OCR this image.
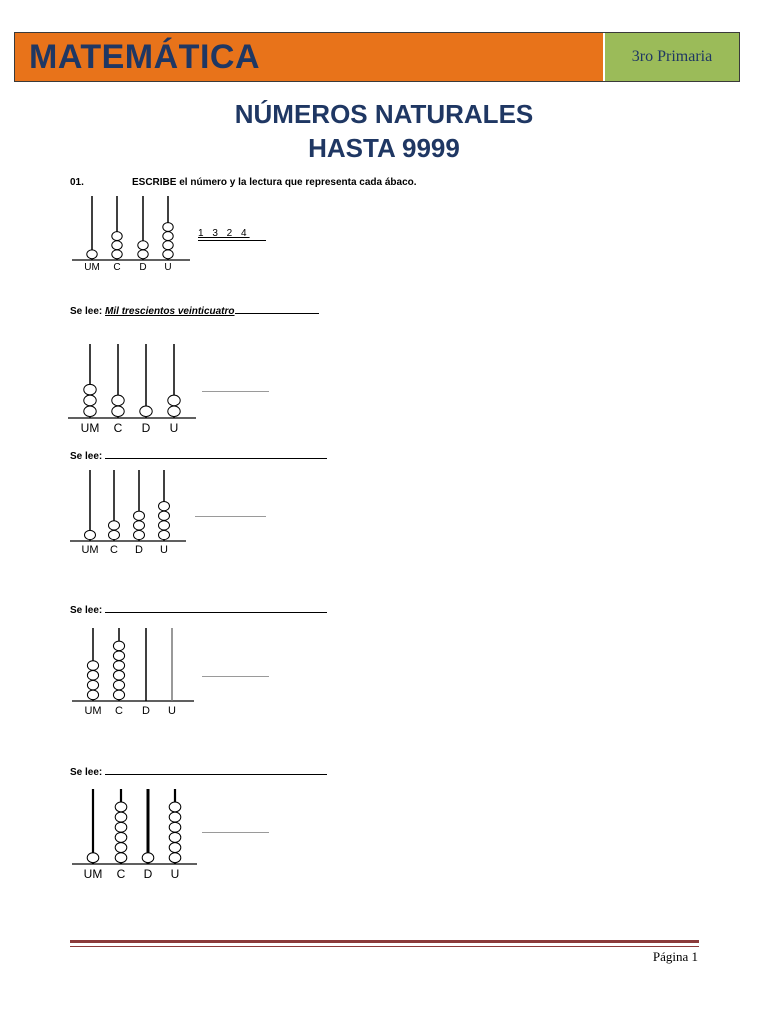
MATEMÁTICA	3ro Primaria
NÚMEROS NATURALES
HASTA 9999
01.	ESCRIBE el número y la lectura que representa cada ábaco.
UM C D U
UM C D U
UM C D U
UM C D U
UM C D U
1 3 2 4
Se lee: Mil trescientos veinticuatro
Se lee:
Se lee:
Se lee:
Página 1
